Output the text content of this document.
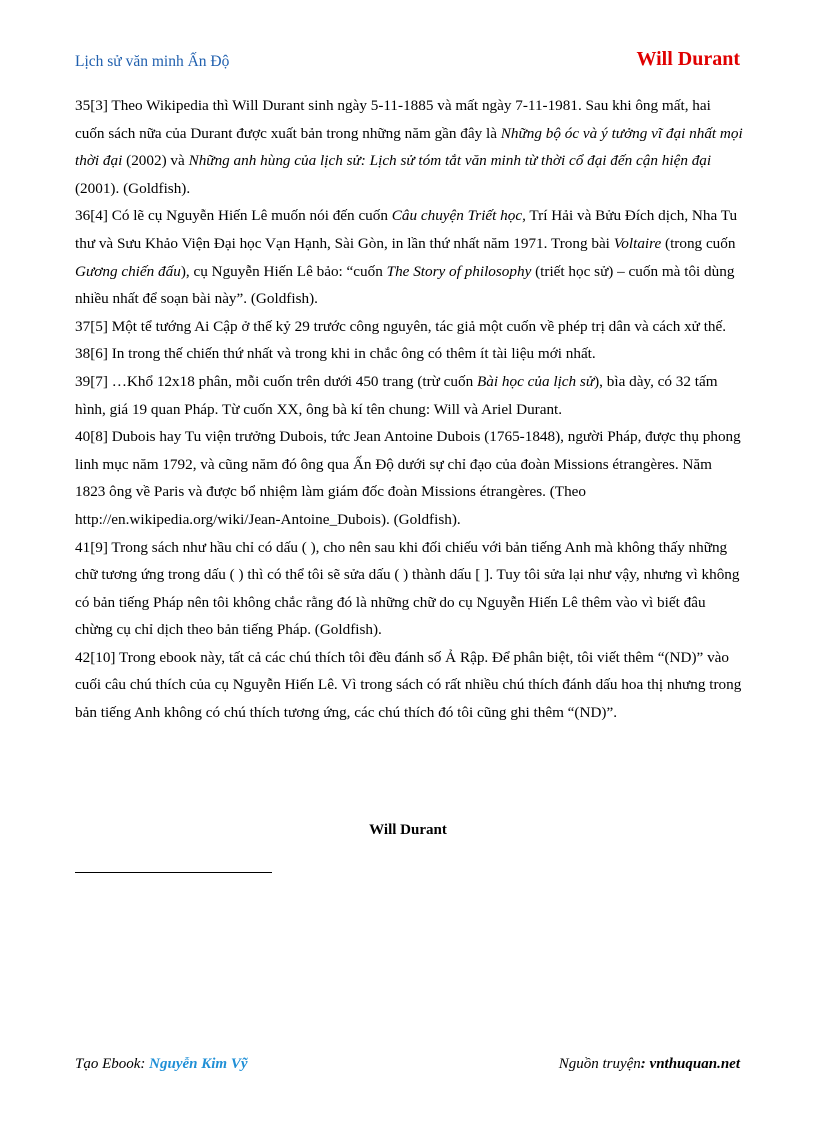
Lịch sử văn minh Ấn Độ	Will Durant

35[3] Theo Wikipedia thì Will Durant sinh ngày 5-11-1885 và mất ngày 7-11-1981. Sau khi ông mất, hai cuốn sách nữa của Durant được xuất bản trong những năm gần đây là Những bộ óc và ý tưởng vĩ đại nhất mọi thời đại (2002) và Những anh hùng của lịch sử: Lịch sử tóm tắt văn minh từ thời cổ đại đến cận hiện đại (2001). (Goldfish).

36[4] Có lẽ cụ Nguyễn Hiến Lê muốn nói đến cuốn Câu chuyện Triết học, Trí Hải và Bửu Đích dịch, Nha Tu thư và Sưu Khảo Viện Đại học Vạn Hạnh, Sài Gòn, in lần thứ nhất năm 1971. Trong bài Voltaire (trong cuốn Gương chiến đấu), cụ Nguyễn Hiến Lê bảo: “cuốn The Story of philosophy (triết học sử) – cuốn mà tôi dùng nhiều nhất để soạn bài này”. (Goldfish).

37[5] Một tể tướng Ai Cập ở thế kỷ 29 trước công nguyên, tác giả một cuốn về phép trị dân và cách xử thế.

38[6] In trong thế chiến thứ nhất và trong khi in chắc ông có thêm ít tài liệu mới nhất.

39[7] …Khổ 12x18 phân, mỗi cuốn trên dưới 450 trang (trừ cuốn Bài học của lịch sử), bìa dày, có 32 tấm hình, giá 19 quan Pháp. Từ cuốn XX, ông bà kí tên chung: Will và Ariel Durant.

40[8] Dubois hay Tu viện trưởng Dubois, tức Jean Antoine Dubois (1765-1848), người Pháp, được thụ phong linh mục năm 1792, và cũng năm đó ông qua Ấn Độ dưới sự chỉ đạo của đoàn Missions étrangères. Năm 1823 ông về Paris và được bổ nhiệm làm giám đốc đoàn Missions étrangères. (Theo http://en.wikipedia.org/wiki/Jean-Antoine_Dubois). (Goldfish).

41[9] Trong sách như hầu chỉ có dấu ( ), cho nên sau khi đối chiếu với bản tiếng Anh mà không thấy những chữ tương ứng trong dấu ( ) thì có thể tôi sẽ sửa dấu ( ) thành dấu [ ]. Tuy tôi sửa lại như vậy, nhưng vì không có bản tiếng Pháp nên tôi không chắc rằng đó là những chữ do cụ Nguyễn Hiến Lê thêm vào vì biết đâu chừng cụ chỉ dịch theo bản tiếng Pháp. (Goldfish).

42[10] Trong ebook này, tất cả các chú thích tôi đều đánh số Ả Rập. Để phân biệt, tôi viết thêm “(ND)” vào cuối câu chú thích của cụ Nguyễn Hiến Lê. Vì trong sách có rất nhiều chú thích đánh dấu hoa thị nhưng trong bản tiếng Anh không có chú thích tương ứng, các chú thích đó tôi cũng ghi thêm “(ND)”.

Will Durant
Tạo Ebook: Nguyễn Kim Vỹ	Nguồn truyện: vnthuquan.net
